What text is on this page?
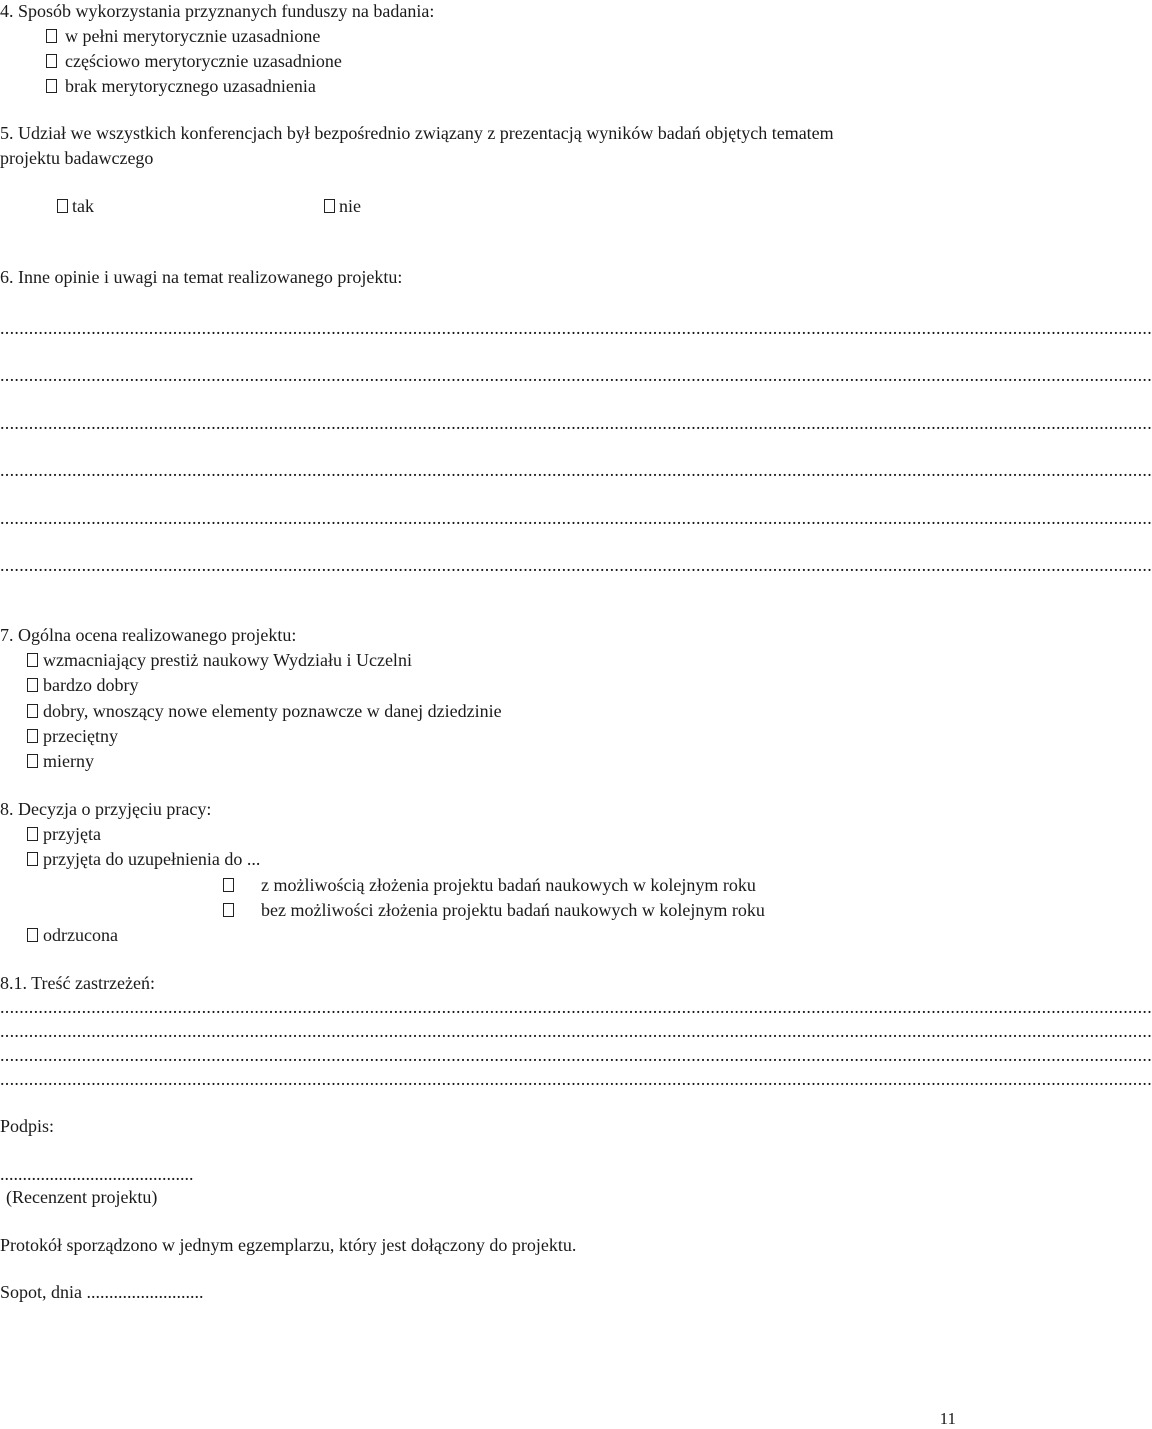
4. Sposób wykorzystania przyznanych funduszy na badania:
w pełni merytorycznie uzasadnione
częściowo merytorycznie uzasadnione
brak merytorycznego uzasadnienia
5. Udział we wszystkich konferencjach był bezpośrednio związany z prezentacją wyników badań objętych tematem
projektu badawczego
tak	nie
6. Inne opinie i uwagi na temat realizowanego projektu:
................................................................................................................................................................................................................................................
................................................................................................................................................................................................................................................
................................................................................................................................................................................................................................................
................................................................................................................................................................................................................................................
................................................................................................................................................................................................................................................
................................................................................................................................................................................................................................................
7. Ogólna ocena realizowanego projektu:
wzmacniający prestiż naukowy Wydziału i Uczelni
bardzo dobry
dobry, wnoszący nowe elementy poznawcze w danej dziedzinie
przeciętny
mierny
8. Decyzja o przyjęciu pracy:
przyjęta
przyjęta do uzupełnienia do ...
z możliwością złożenia projektu badań naukowych w kolejnym roku
bez możliwości złożenia projektu badań naukowych w kolejnym roku
odrzucona
8.1. Treść zastrzeżeń:
................................................................................................................................................................................................................................................
................................................................................................................................................................................................................................................
................................................................................................................................................................................................................................................
................................................................................................................................................................................................................................................
Podpis:
...........................................
(Recenzent projektu)
Protokół sporządzono w jednym egzemplarzu, który jest dołączony do projektu.
Sopot, dnia ..........................
11
